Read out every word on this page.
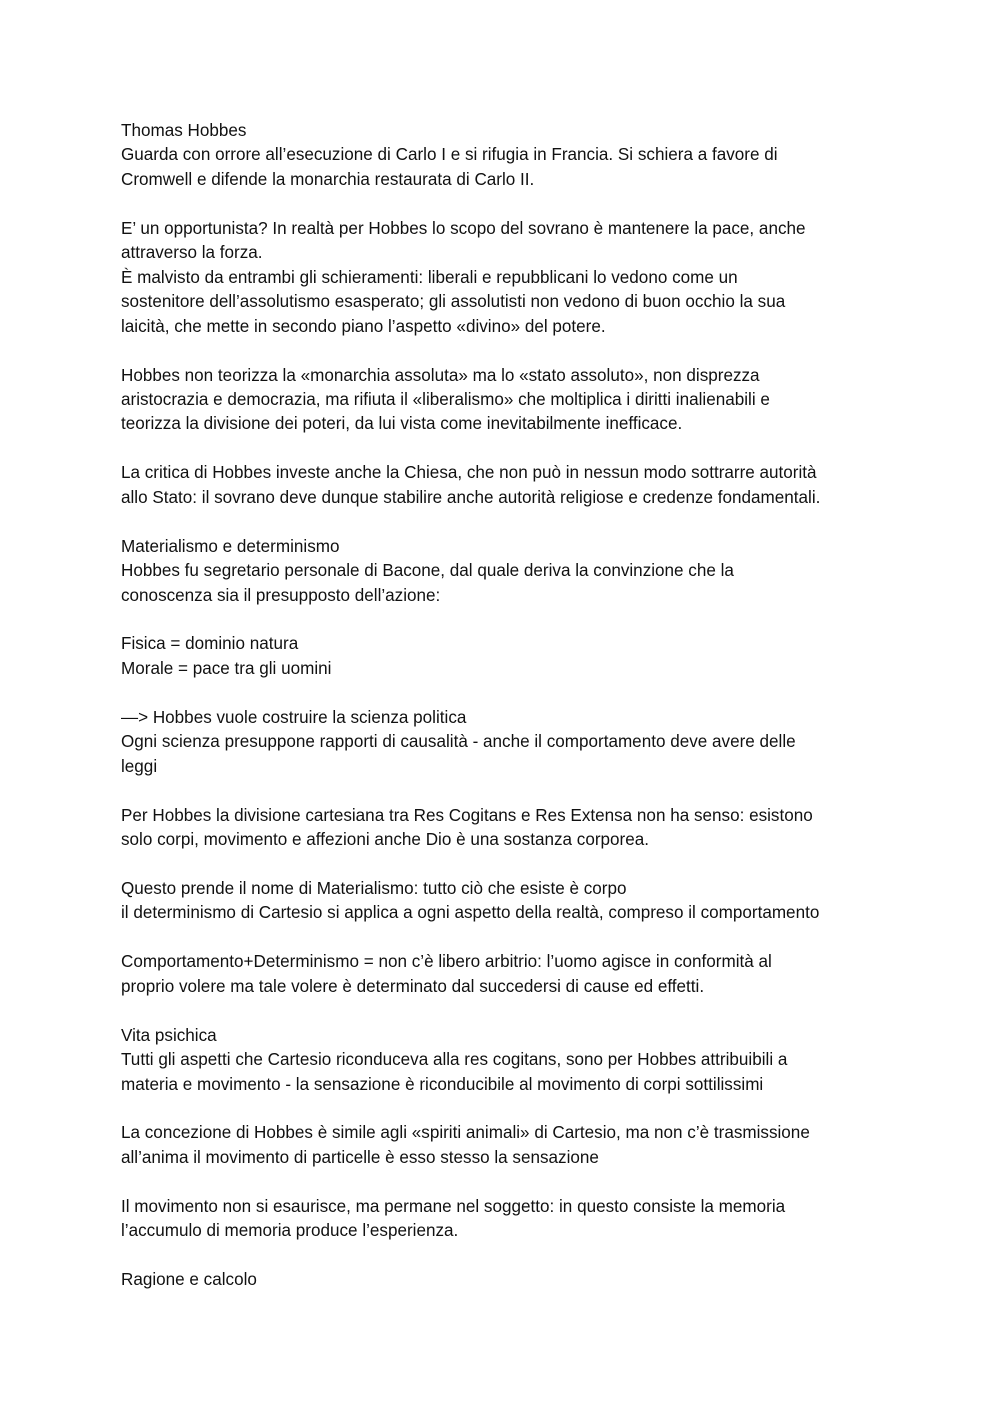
Thomas Hobbes
Guarda con orrore all’esecuzione di Carlo I e si rifugia in Francia. Si schiera a favore di
Cromwell e difende la monarchia restaurata di Carlo II.

E’ un opportunista? In realtà per Hobbes lo scopo del sovrano è mantenere la pace, anche
attraverso la forza.
È malvisto da entrambi gli schieramenti: liberali e repubblicani lo vedono come un
sostenitore dell’assolutismo esasperato; gli assolutisti non vedono di buon occhio la sua
laicità, che mette in secondo piano l’aspetto «divino» del potere.

Hobbes non teorizza la «monarchia assoluta» ma lo «stato assoluto», non disprezza
aristocrazia e democrazia, ma rifiuta il «liberalismo» che moltiplica i diritti inalienabili e
teorizza la divisione dei poteri, da lui vista come inevitabilmente inefficace.

La critica di Hobbes investe anche la Chiesa, che non può in nessun modo sottrarre autorità
allo Stato: il sovrano deve dunque stabilire anche autorità religiose e credenze fondamentali.

Materialismo e determinismo
Hobbes fu segretario personale di Bacone, dal quale deriva la convinzione che la
conoscenza sia il presupposto dell’azione:

Fisica = dominio natura
Morale = pace tra gli uomini

—> Hobbes vuole costruire la scienza politica
Ogni scienza presuppone rapporti di causalità - anche il comportamento deve avere delle
leggi

Per Hobbes la divisione cartesiana tra Res Cogitans e Res Extensa non ha senso: esistono
solo corpi, movimento e affezioni anche Dio è una sostanza corporea.

Questo prende il nome di Materialismo: tutto ciò che esiste è corpo
il determinismo di Cartesio si applica a ogni aspetto della realtà, compreso il comportamento

Comportamento+Determinismo = non c’è libero arbitrio: l’uomo agisce in conformità al
proprio volere ma tale volere è determinato dal succedersi di cause ed effetti.

Vita psichica
Tutti gli aspetti che Cartesio riconduceva alla res cogitans, sono per Hobbes attribuibili a
materia e movimento - la sensazione è riconducibile al movimento di corpi sottilissimi

La concezione di Hobbes è simile agli «spiriti animali» di Cartesio, ma non c’è trasmissione
all’anima il movimento di particelle è esso stesso la sensazione

Il movimento non si esaurisce, ma permane nel soggetto: in questo consiste la memoria
l’accumulo di memoria produce l’esperienza.

Ragione e calcolo
